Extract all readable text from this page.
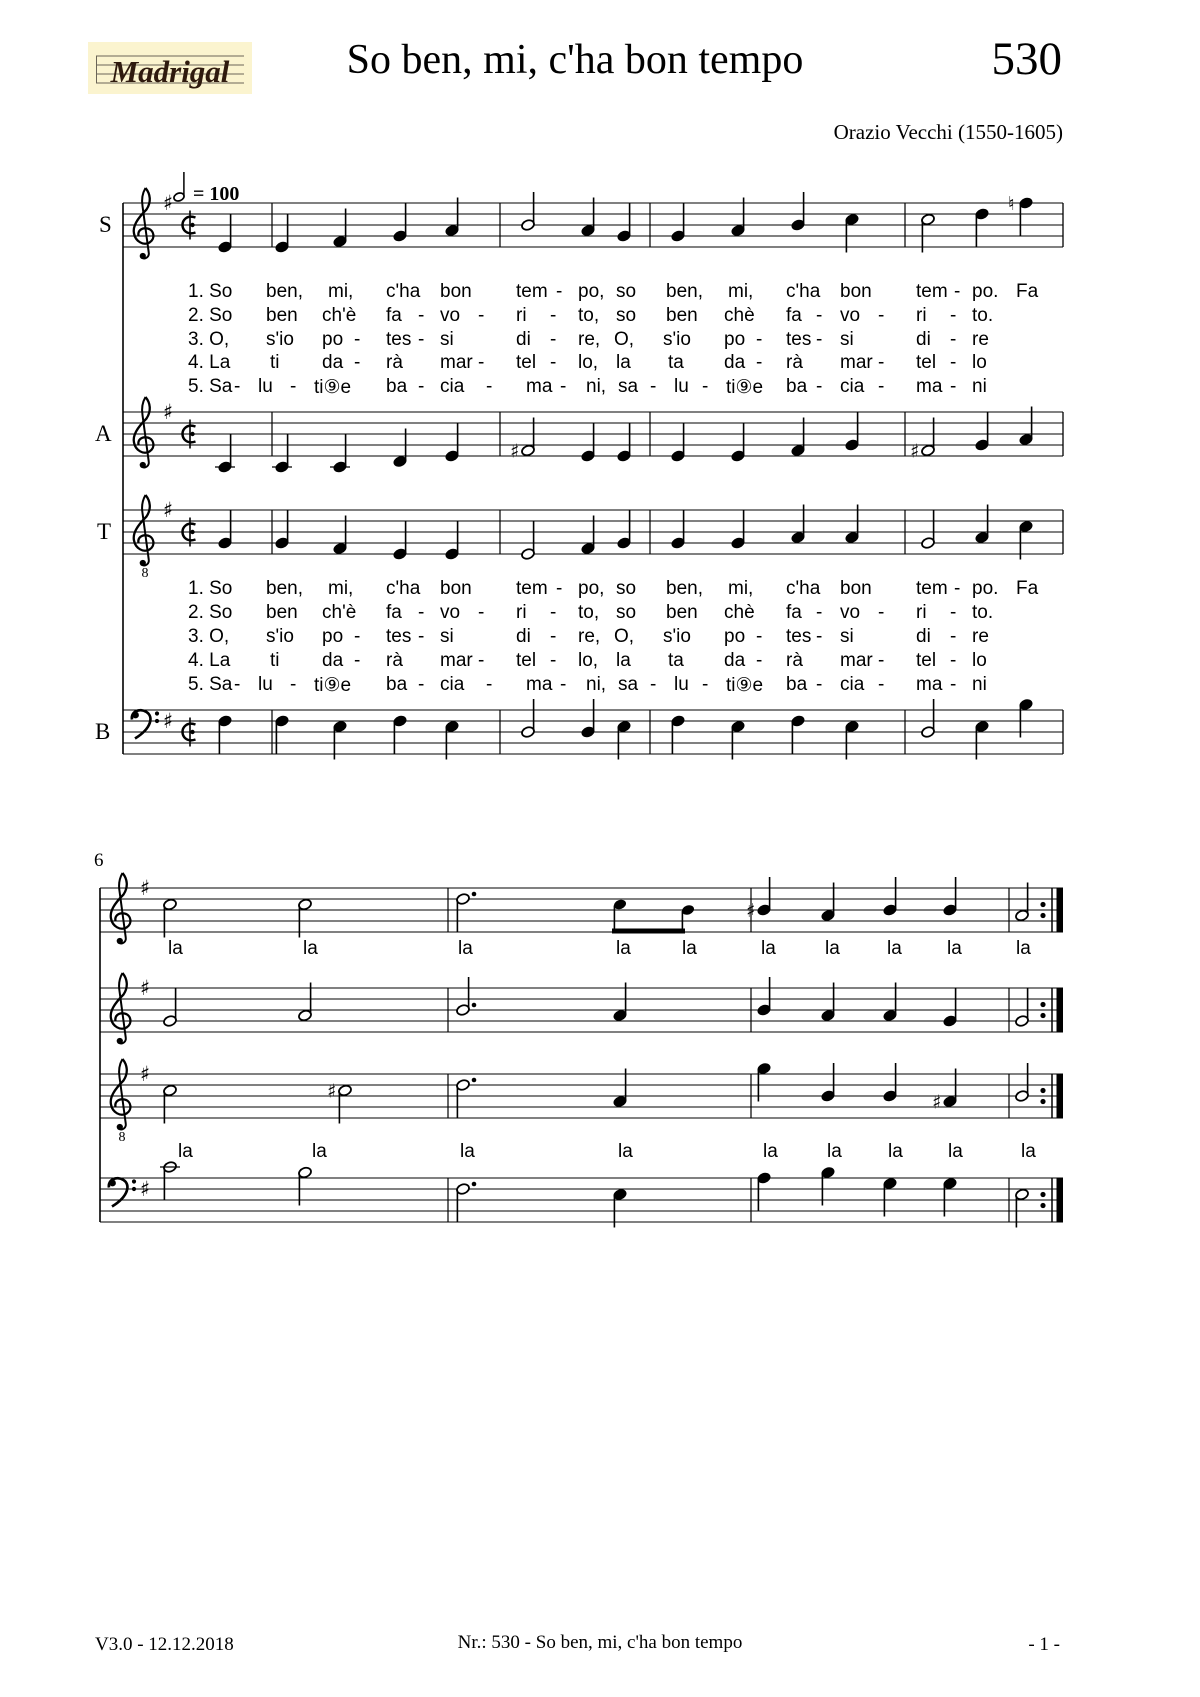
♯	♮
♯
♯	♯
8
♯
♯
♯
♯
♯
8
♯
♯	♯
♯
Madrigal	So ben, mi, c'ha bon tempo	530
Orazio Vecchi (1550-1605)
= 100
S
A
T
B
6
1. So ben, mi, c'ha bon tem - po, so ben, mi, c'ha bon tem - po. Fa
2. So ben ch'è fa - vo - ri - to, so ben chè fa - vo - ri - to.
3. O, s'io po - tes - si	di - re, O, s'io po - tes - si	di - re
4. La ti da - rà mar - tel - lo, la ta da - rà mar - tel - lo
5. Sa - lu - ti⑨e ba - cia - ma - ni, sa - lu - ti⑨e ba - cia - ma - ni
1. So ben, mi, c'ha bon tem - po, so ben, mi, c'ha bon tem - po. Fa
2. So ben ch'è fa - vo - ri - to, so ben chè fa - vo - ri - to.
3. O, s'io po - tes - si	di - re, O, s'io po - tes - si	di - re
4. La ti da - rà mar - tel - lo, la ta da - rà mar - tel - lo
5. Sa - lu - ti⑨e ba - cia - ma - ni, sa - lu - ti⑨e ba - cia - ma - ni
la	la	la	la	la	la	la la la	la
la	la	la	la	la	la la la	la
V3.0 - 12.12.2018	Nr.: 530 - So ben, mi, c'ha bon tempo	- 1 -
